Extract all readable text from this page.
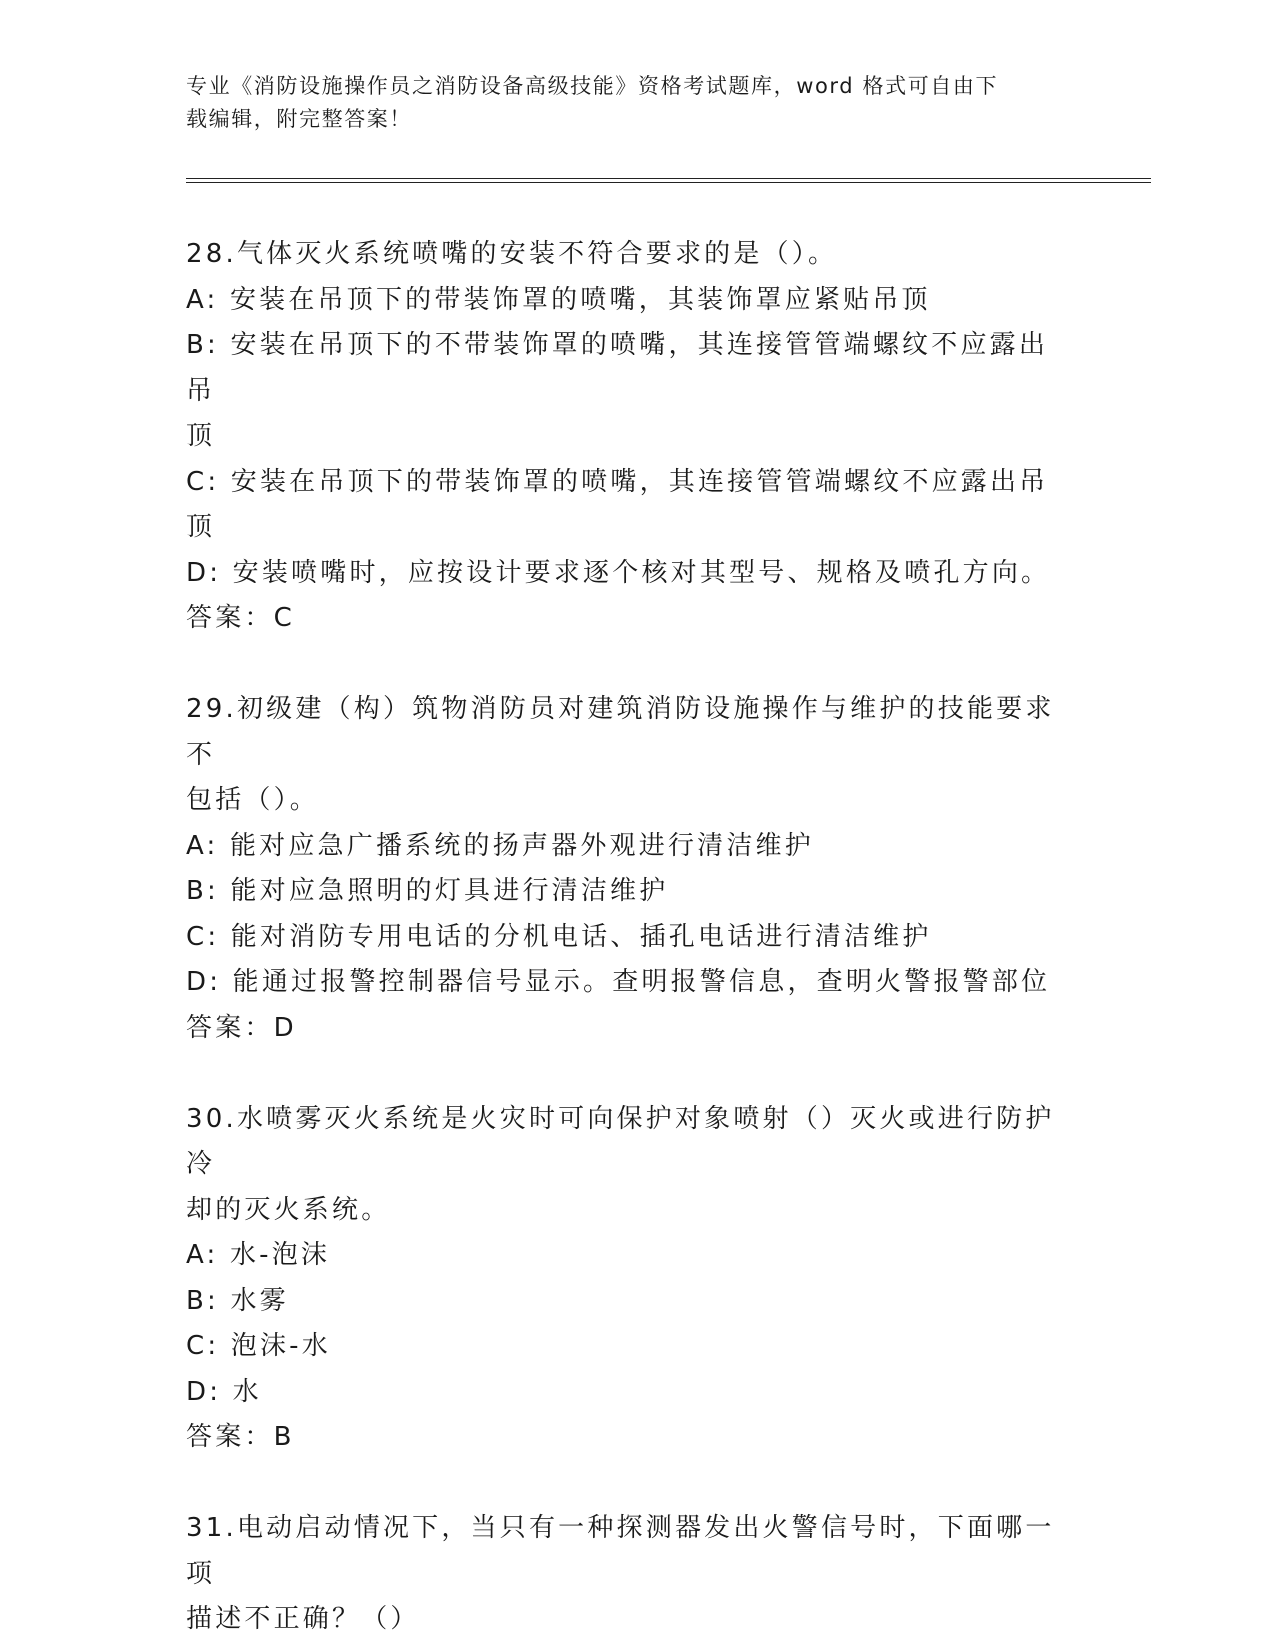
专业《消防设施操作员之消防设备高级技能》资格考试题库，word 格式可自由下
载编辑，附完整答案！
28.气体灭火系统喷嘴的安装不符合要求的是（）。
A: 安装在吊顶下的带装饰罩的喷嘴，其装饰罩应紧贴吊顶
B: 安装在吊顶下的不带装饰罩的喷嘴，其连接管管端螺纹不应露出吊
顶
C: 安装在吊顶下的带装饰罩的喷嘴，其连接管管端螺纹不应露出吊顶
D: 安装喷嘴时，应按设计要求逐个核对其型号、规格及喷孔方向。
答案：C
29.初级建（构）筑物消防员对建筑消防设施操作与维护的技能要求不
包括（）。
A: 能对应急广播系统的扬声器外观进行清洁维护
B: 能对应急照明的灯具进行清洁维护
C: 能对消防专用电话的分机电话、插孔电话进行清洁维护
D: 能通过报警控制器信号显示。查明报警信息，查明火警报警部位
答案：D
30.水喷雾灭火系统是火灾时可向保护对象喷射（）灭火或进行防护冷
却的灭火系统。
A: 水-泡沫
B: 水雾
C: 泡沫-水
D: 水
答案：B
31.电动启动情况下，当只有一种探测器发出火警信号时，下面哪一项
描述不正确？（）
